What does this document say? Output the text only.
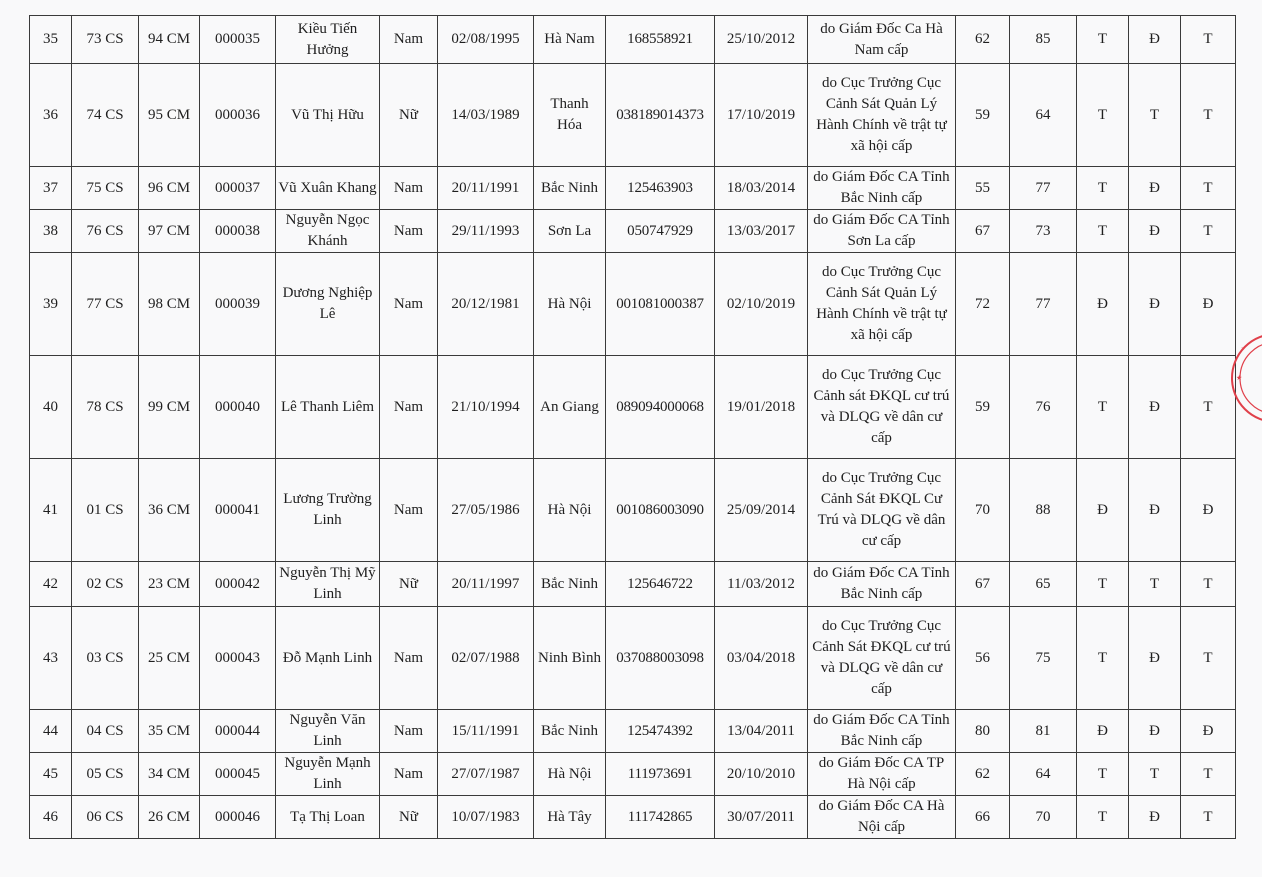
35	73 CS	94 CM	000035	Kiều Tiến Hưởng	Nam	02/08/1995	Hà Nam	168558921	25/10/2012	do Giám Đốc Ca Hà Nam cấp	62	85	T	Đ	T
36	74 CS	95 CM	000036	Vũ Thị Hữu	Nữ	14/03/1989	Thanh Hóa	038189014373	17/10/2019	do Cục Trưởng Cục Cảnh Sát Quản Lý Hành Chính về trật tự xã hội cấp	59	64	T	T	T
37	75 CS	96 CM	000037	Vũ Xuân Khang	Nam	20/11/1991	Bắc Ninh	125463903	18/03/2014	do Giám Đốc CA Tỉnh Bắc Ninh cấp	55	77	T	Đ	T
38	76 CS	97 CM	000038	Nguyễn Ngọc Khánh	Nam	29/11/1993	Sơn La	050747929	13/03/2017	do Giám Đốc CA Tỉnh Sơn La cấp	67	73	T	Đ	T
39	77 CS	98 CM	000039	Dương Nghiệp Lê	Nam	20/12/1981	Hà Nội	001081000387	02/10/2019	do Cục Trưởng Cục Cảnh Sát Quản Lý Hành Chính về trật tự xã hội cấp	72	77	Đ	Đ	Đ
40	78 CS	99 CM	000040	Lê Thanh Liêm	Nam	21/10/1994	An Giang	089094000068	19/01/2018	do Cục Trưởng Cục Cảnh sát ĐKQL cư trú và DLQG về dân cư cấp	59	76	T	Đ	T
41	01 CS	36 CM	000041	Lương Trường Linh	Nam	27/05/1986	Hà Nội	001086003090	25/09/2014	do Cục Trưởng Cục Cảnh Sát ĐKQL Cư Trú và DLQG về dân cư cấp	70	88	Đ	Đ	Đ
42	02 CS	23 CM	000042	Nguyễn Thị Mỹ Linh	Nữ	20/11/1997	Bắc Ninh	125646722	11/03/2012	do Giám Đốc CA Tỉnh Bắc Ninh cấp	67	65	T	T	T
43	03 CS	25 CM	000043	Đỗ Mạnh Linh	Nam	02/07/1988	Ninh Bình	037088003098	03/04/2018	do Cục Trưởng Cục Cảnh Sát ĐKQL cư trú và DLQG về dân cư cấp	56	75	T	Đ	T
44	04 CS	35 CM	000044	Nguyễn Văn Linh	Nam	15/11/1991	Bắc Ninh	125474392	13/04/2011	do Giám Đốc CA Tỉnh Bắc Ninh cấp	80	81	Đ	Đ	Đ
45	05 CS	34 CM	000045	Nguyễn Mạnh Linh	Nam	27/07/1987	Hà Nội	111973691	20/10/2010	do Giám Đốc CA TP Hà Nội cấp	62	64	T	T	T
46	06 CS	26 CM	000046	Tạ Thị Loan	Nữ	10/07/1983	Hà Tây	111742865	30/07/2011	do Giám Đốc CA Hà Nội cấp	66	70	T	Đ	T
·
★
